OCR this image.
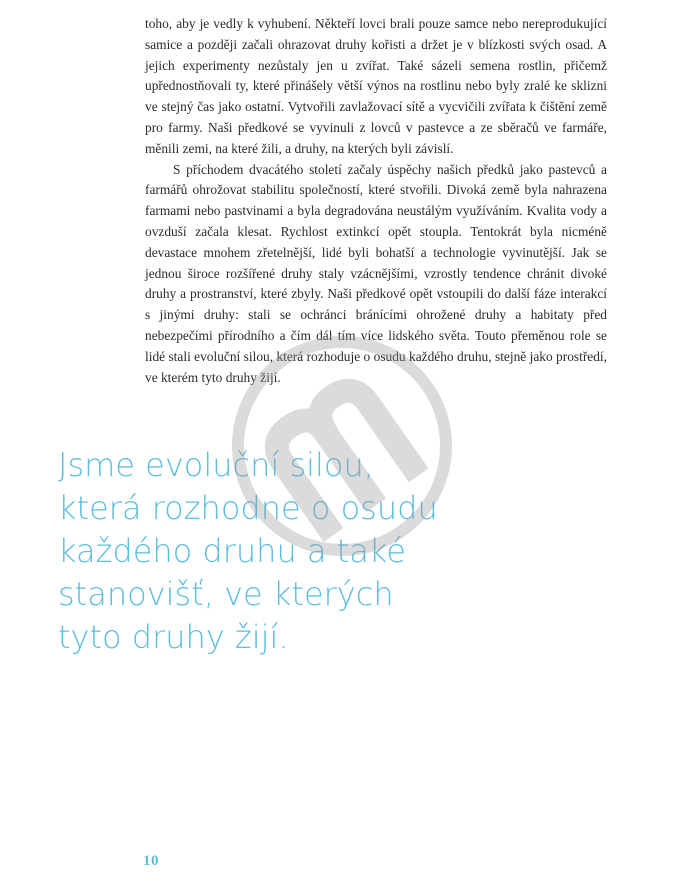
toho, aby je vedly k vyhubení. Někteří lovci brali pouze samce nebo nereprodukující samice a později začali ohrazovat druhy kořisti a držet je v blízkosti svých osad. A jejich experimenty nezůstaly jen u zvířat. Také sázeli semena rostlin, přičemž upřednostňovali ty, které přinášely větší výnos na rostlinu nebo byly zralé ke sklizni ve stejný čas jako ostatní. Vytvořili zavlažovací sítě a vycvičili zvířata k čištění země pro farmy. Naši předkové se vyvinuli z lovců v pastevce a ze sběračů ve farmáře, měnili zemi, na které žili, a druhy, na kterých byli závislí.

S příchodem dvacátého století začaly úspěchy našich předků jako pastevců a farmářů ohrožovat stabilitu společností, které stvořili. Divoká země byla nahrazena farmami nebo pastvinami a byla degradována neustálým využíváním. Kvalita vody a ovzduší začala klesat. Rychlost extinkcí opět stoupla. Tentokrát byla nicméně devastace mnohem zřetelnější, lidé byli bohatší a technologie vyvinutější. Jak se jednou široce rozšířené druhy staly vzácnějšími, vzrostly tendence chránit divoké druhy a prostranství, které zbyly. Naši předkové opět vstoupili do další fáze interakcí s jinými druhy: stali se ochránci bránícími ohrožené druhy a habitaty před nebezpečími přírodního a čím dál tím více lidského světa. Touto přeměnou role se lidé stali evoluční silou, která rozhoduje o osudu každého druhu, stejně jako prostředí, ve kterém tyto druhy žijí.

Jsme evoluční silou,
která rozhodne o osudu
každého druhu a také
stanovišť, ve kterých
tyto druhy žijí.
10
